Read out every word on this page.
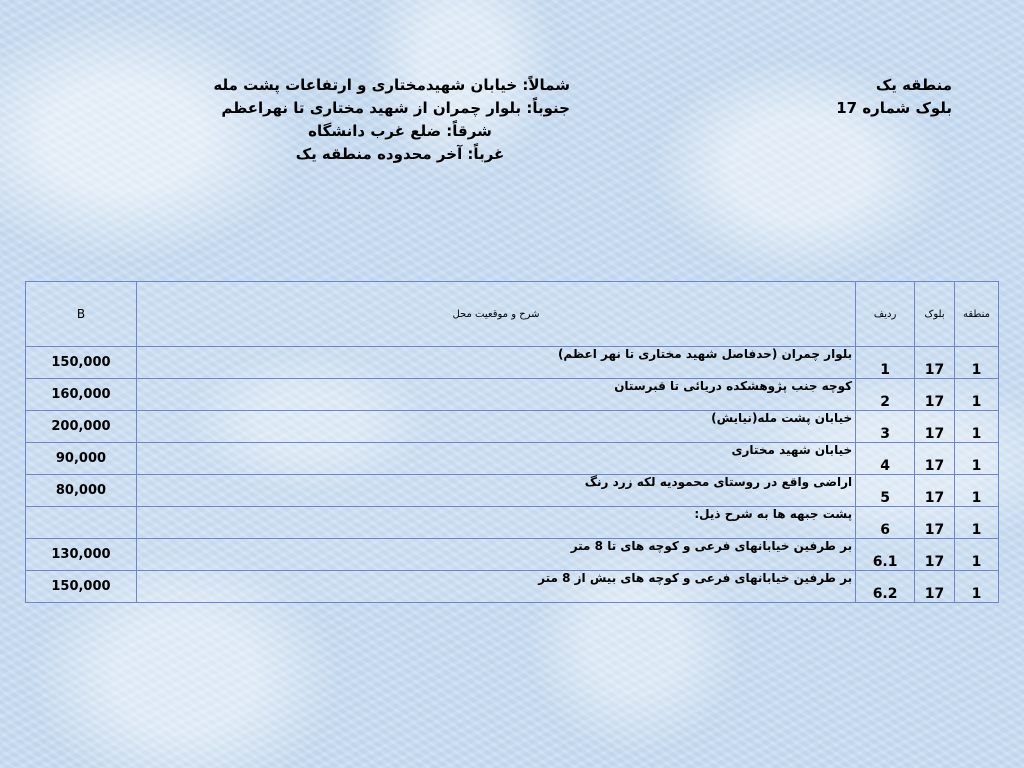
منطقه یک
بلوک شماره 17
شمالاً: خیابان شهیدمختاری و ارتفاعات پشت مله
جنوباً: بلوار چمران از شهید مختاری تا نهراعظم
شرقاً: ضلع غرب دانشگاه
غرباً: آخر محدوده منطقه یک
منطقه	بلوک	ردیف	شرح و موقعیت محل	B
1	17	1	بلوار چمران (حدفاصل شهید مختاری تا نهر اعظم)	150,000
1	17	2	کوچه جنب پژوهشکده دریائی تا قبرستان	160,000
1	17	3	خیابان پشت مله(نیایش)	200,000
1	17	4	خیابان شهید مختاری	90,000
1	17	5	اراضی واقع در روستای محمودیه لکه زرد رنگ	80,000
1	17	6	پشت جبهه ها به شرح ذیل:	
1	17	6.1	بر طرفین خیابانهای فرعی و کوچه های تا 8 متر	130,000
1	17	6.2	بر طرفین خیابانهای فرعی و کوچه های بیش از 8 متر	150,000
